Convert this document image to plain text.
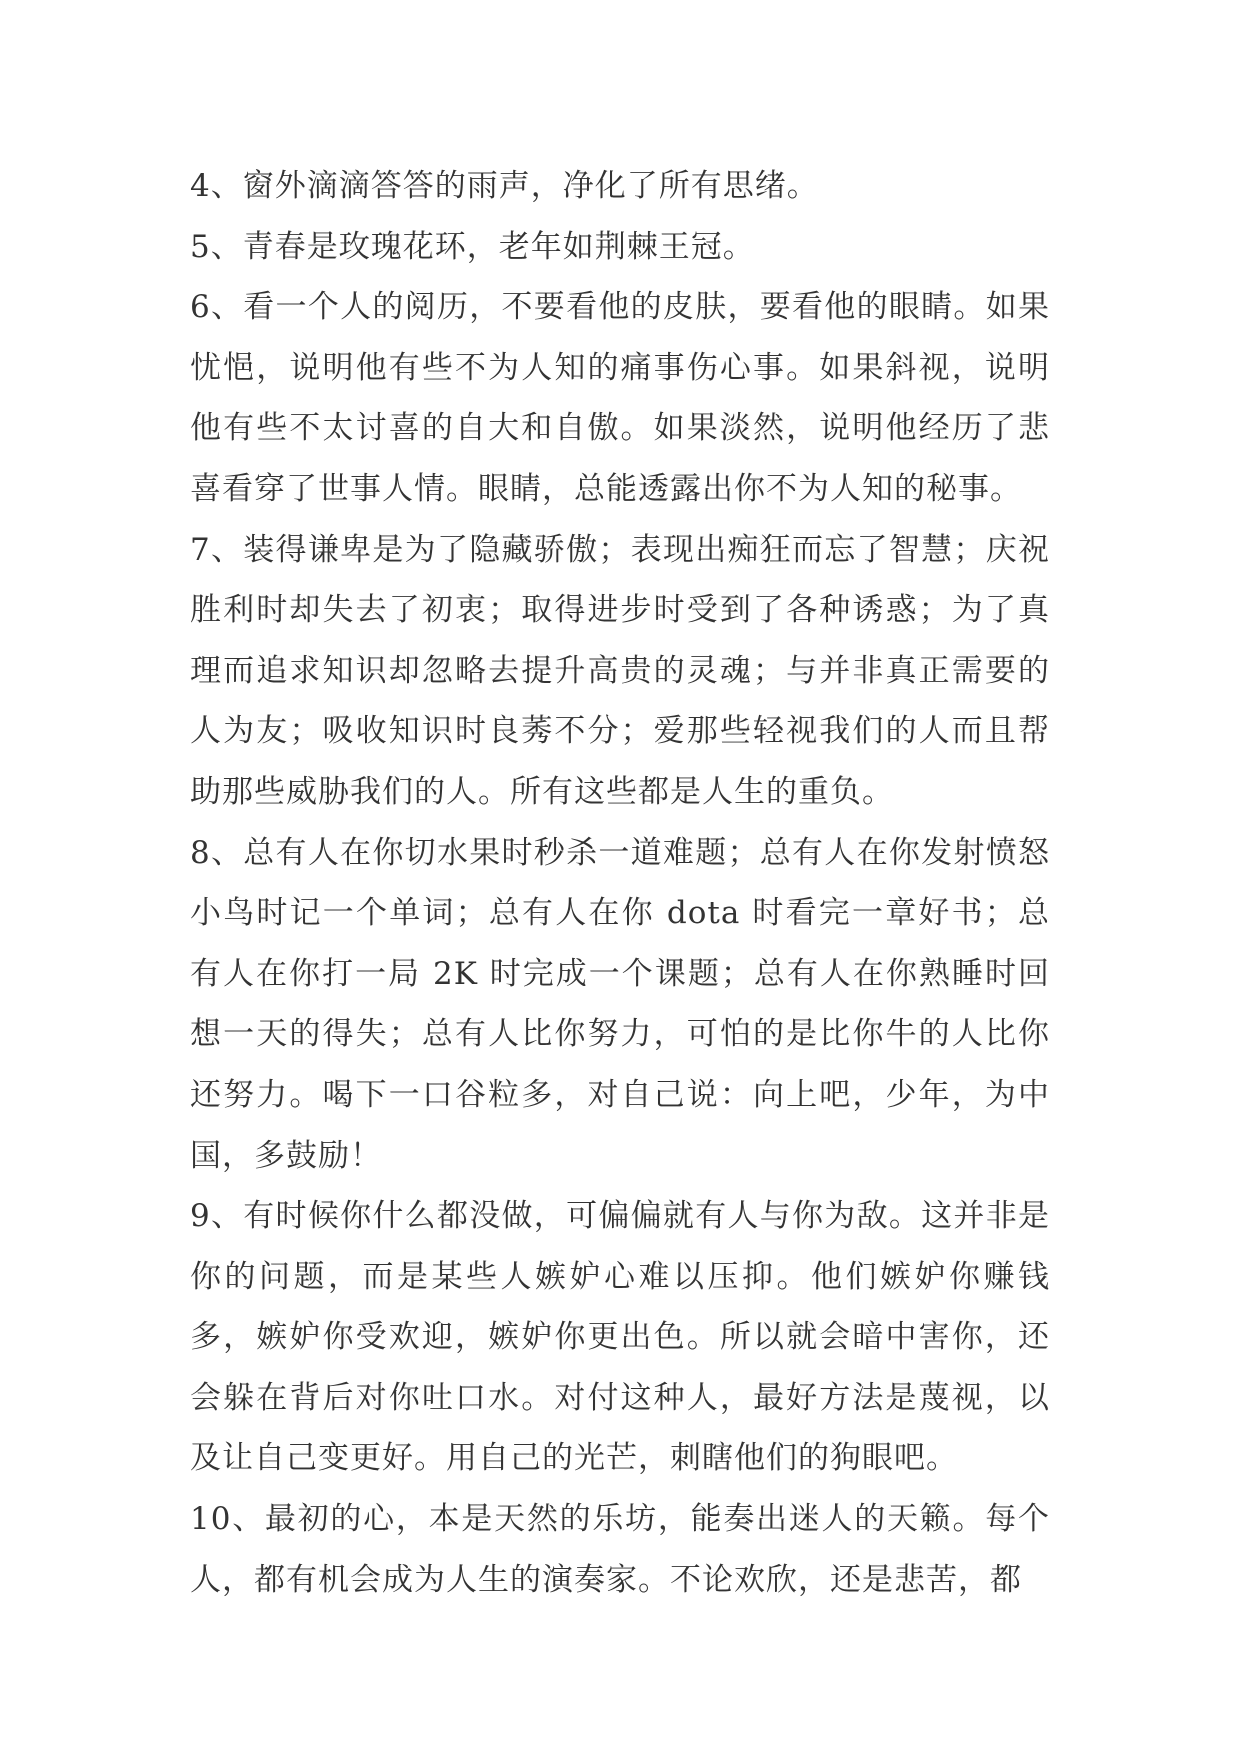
4、窗外滴滴答答的雨声，净化了所有思绪。

5、青春是玫瑰花环，老年如荆棘王冠。

6、看一个人的阅历，不要看他的皮肤，要看他的眼睛。如果忧悒，说明他有些不为人知的痛事伤心事。如果斜视，说明他有些不太讨喜的自大和自傲。如果淡然，说明他经历了悲喜看穿了世事人情。眼睛，总能透露出你不为人知的秘事。

7、装得谦卑是为了隐藏骄傲；表现出痴狂而忘了智慧；庆祝胜利时却失去了初衷；取得进步时受到了各种诱惑；为了真理而追求知识却忽略去提升高贵的灵魂；与并非真正需要的人为友；吸收知识时良莠不分；爱那些轻视我们的人而且帮助那些威胁我们的人。所有这些都是人生的重负。

8、总有人在你切水果时秒杀一道难题；总有人在你发射愤怒小鸟时记一个单词；总有人在你 dota 时看完一章好书；总有人在你打一局 2K 时完成一个课题；总有人在你熟睡时回想一天的得失；总有人比你努力，可怕的是比你牛的人比你还努力。喝下一口谷粒多，对自己说：向上吧，少年，为中国，多鼓励！

9、有时候你什么都没做，可偏偏就有人与你为敌。这并非是你的问题，而是某些人嫉妒心难以压抑。他们嫉妒你赚钱多，嫉妒你受欢迎，嫉妒你更出色。所以就会暗中害你，还会躲在背后对你吐口水。对付这种人，最好方法是蔑视，以及让自己变更好。用自己的光芒，刺瞎他们的狗眼吧。

10、最初的心，本是天然的乐坊，能奏出迷人的天籁。每个人，都有机会成为人生的演奏家。不论欢欣，还是悲苦，都
